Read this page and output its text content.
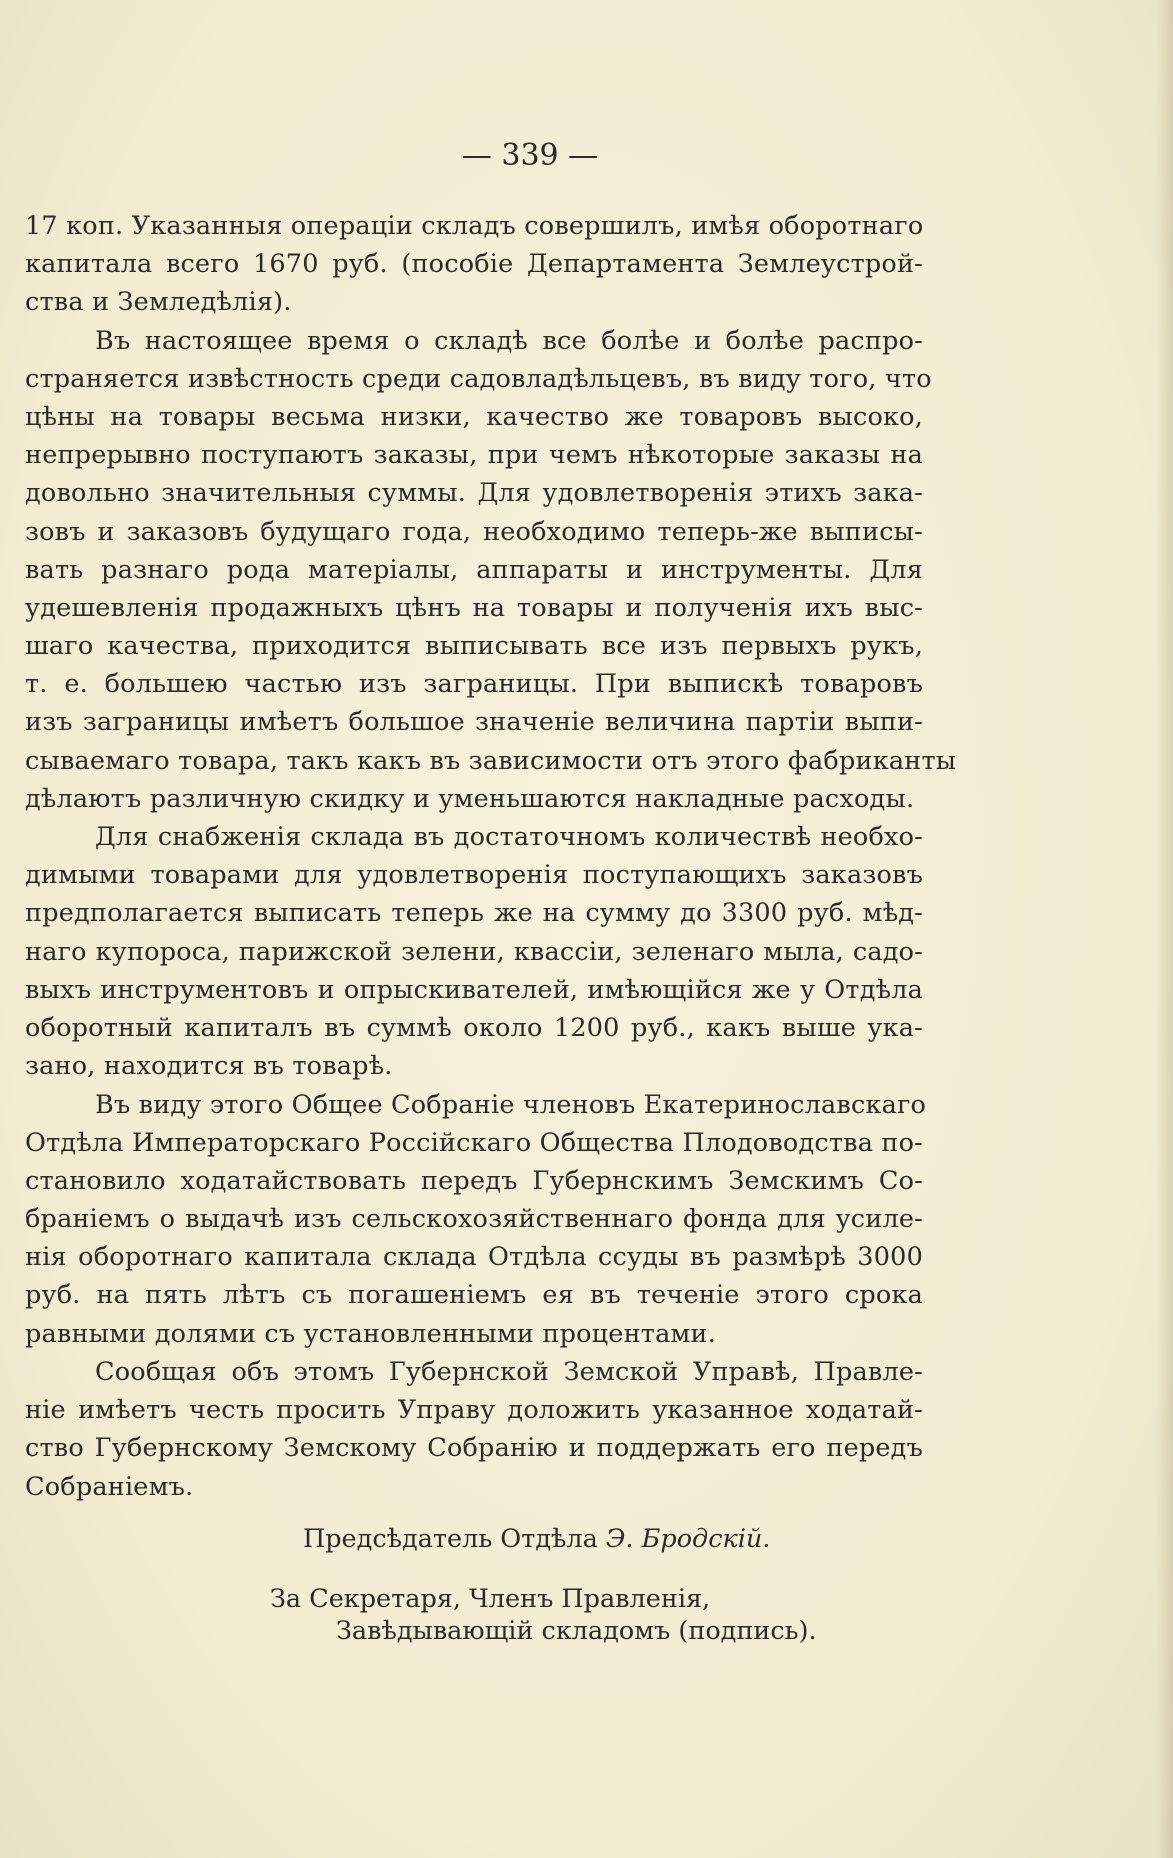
— 339 —
17 коп. Указанныя операціи складъ совершилъ, имѣя оборотнаго
капитала всего 1670 руб. (пособіе Департамента Землеустрой-
ства и Земледѣлія).
Въ настоящее время о складѣ все болѣе и болѣе распро-
страняется извѣстность среди садовладѣльцевъ, въ виду того, что
цѣны на товары весьма низки, качество же товаровъ высоко,
непрерывно поступаютъ заказы, при чемъ нѣкоторые заказы на
довольно значительныя суммы. Для удовлетворенія этихъ зака-
зовъ и заказовъ будущаго года, необходимо теперь-же выписы-
вать разнаго рода матеріалы, аппараты и инструменты. Для
удешевленія продажныхъ цѣнъ на товары и полученія ихъ выс-
шаго качества, приходится выписывать все изъ первыхъ рукъ,
т. е. большею частью изъ заграницы. При выпискѣ товаровъ
изъ заграницы имѣетъ большое значеніе величина партіи выпи-
сываемаго товара, такъ какъ въ зависимости отъ этого фабриканты
дѣлаютъ различную скидку и уменьшаются накладные расходы.
Для снабженія склада въ достаточномъ количествѣ необхо-
димыми товарами для удовлетворенія поступающихъ заказовъ
предполагается выписать теперь же на сумму до 3300 руб. мѣд-
наго купороса, парижской зелени, квассіи, зеленаго мыла, садо-
выхъ инструментовъ и опрыскивателей, имѣющійся же у Отдѣла
оборотный капиталъ въ суммѣ около 1200 руб., какъ выше ука-
зано, находится въ товарѣ.
Въ виду этого Общее Собраніе членовъ Екатеринославскаго
Отдѣла Императорскаго Россійскаго Общества Плодоводства по-
становило ходатайствовать передъ Губернскимъ Земскимъ Со-
браніемъ о выдачѣ изъ сельскохозяйственнаго фонда для усиле-
нія оборотнаго капитала склада Отдѣла ссуды въ размѣрѣ 3000
руб. на пять лѣтъ съ погашеніемъ ея въ теченіе этого срока
равными долями съ установленными процентами.
Сообщая объ этомъ Губернской Земской Управѣ, Правле-
ніе имѣетъ честь просить Управу доложить указанное ходатай-
ство Губернскому Земскому Собранію и поддержать его передъ
Собраніемъ.
Предсѣдатель Отдѣла Э. Бродскій.
За Секретаря, Членъ Правленія,
Завѣдывающій складомъ (подпись).
